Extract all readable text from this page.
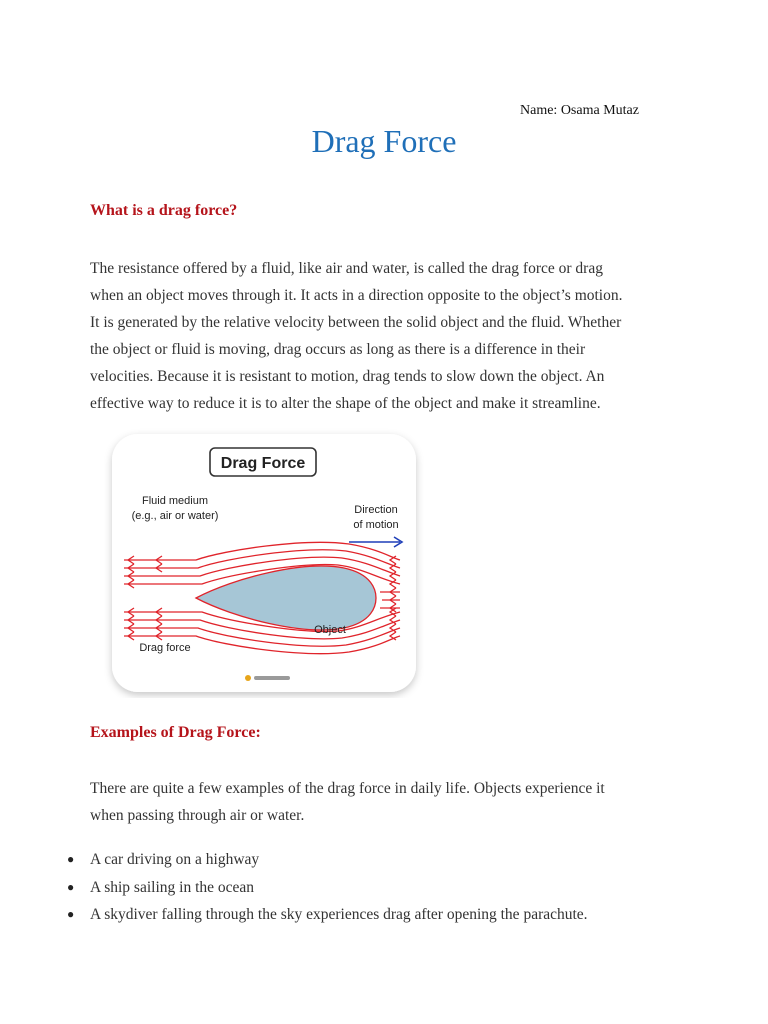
Name: Osama Mutaz
Drag Force
What is a drag force?

The resistance offered by a fluid, like air and water, is called the drag force or drag
when an object moves through it. It acts in a direction opposite to the object’s motion.
It is generated by the relative velocity between the solid object and the fluid. Whether
the object or fluid is moving, drag occurs as long as there is a difference in their
velocities. Because it is resistant to motion, drag tends to slow down the object. An
effective way to reduce it is to alter the shape of the object and make it streamline.

Drag Force
Fluid medium
(e.g., air or water)	Direction
of motion
Object
Drag force
Examples of Drag Force:

There are quite a few examples of the drag force in daily life. Objects experience it
when passing through air or water.

● A car driving on a highway
● A ship sailing in the ocean
● A skydiver falling through the sky experiences drag after opening the parachute.
